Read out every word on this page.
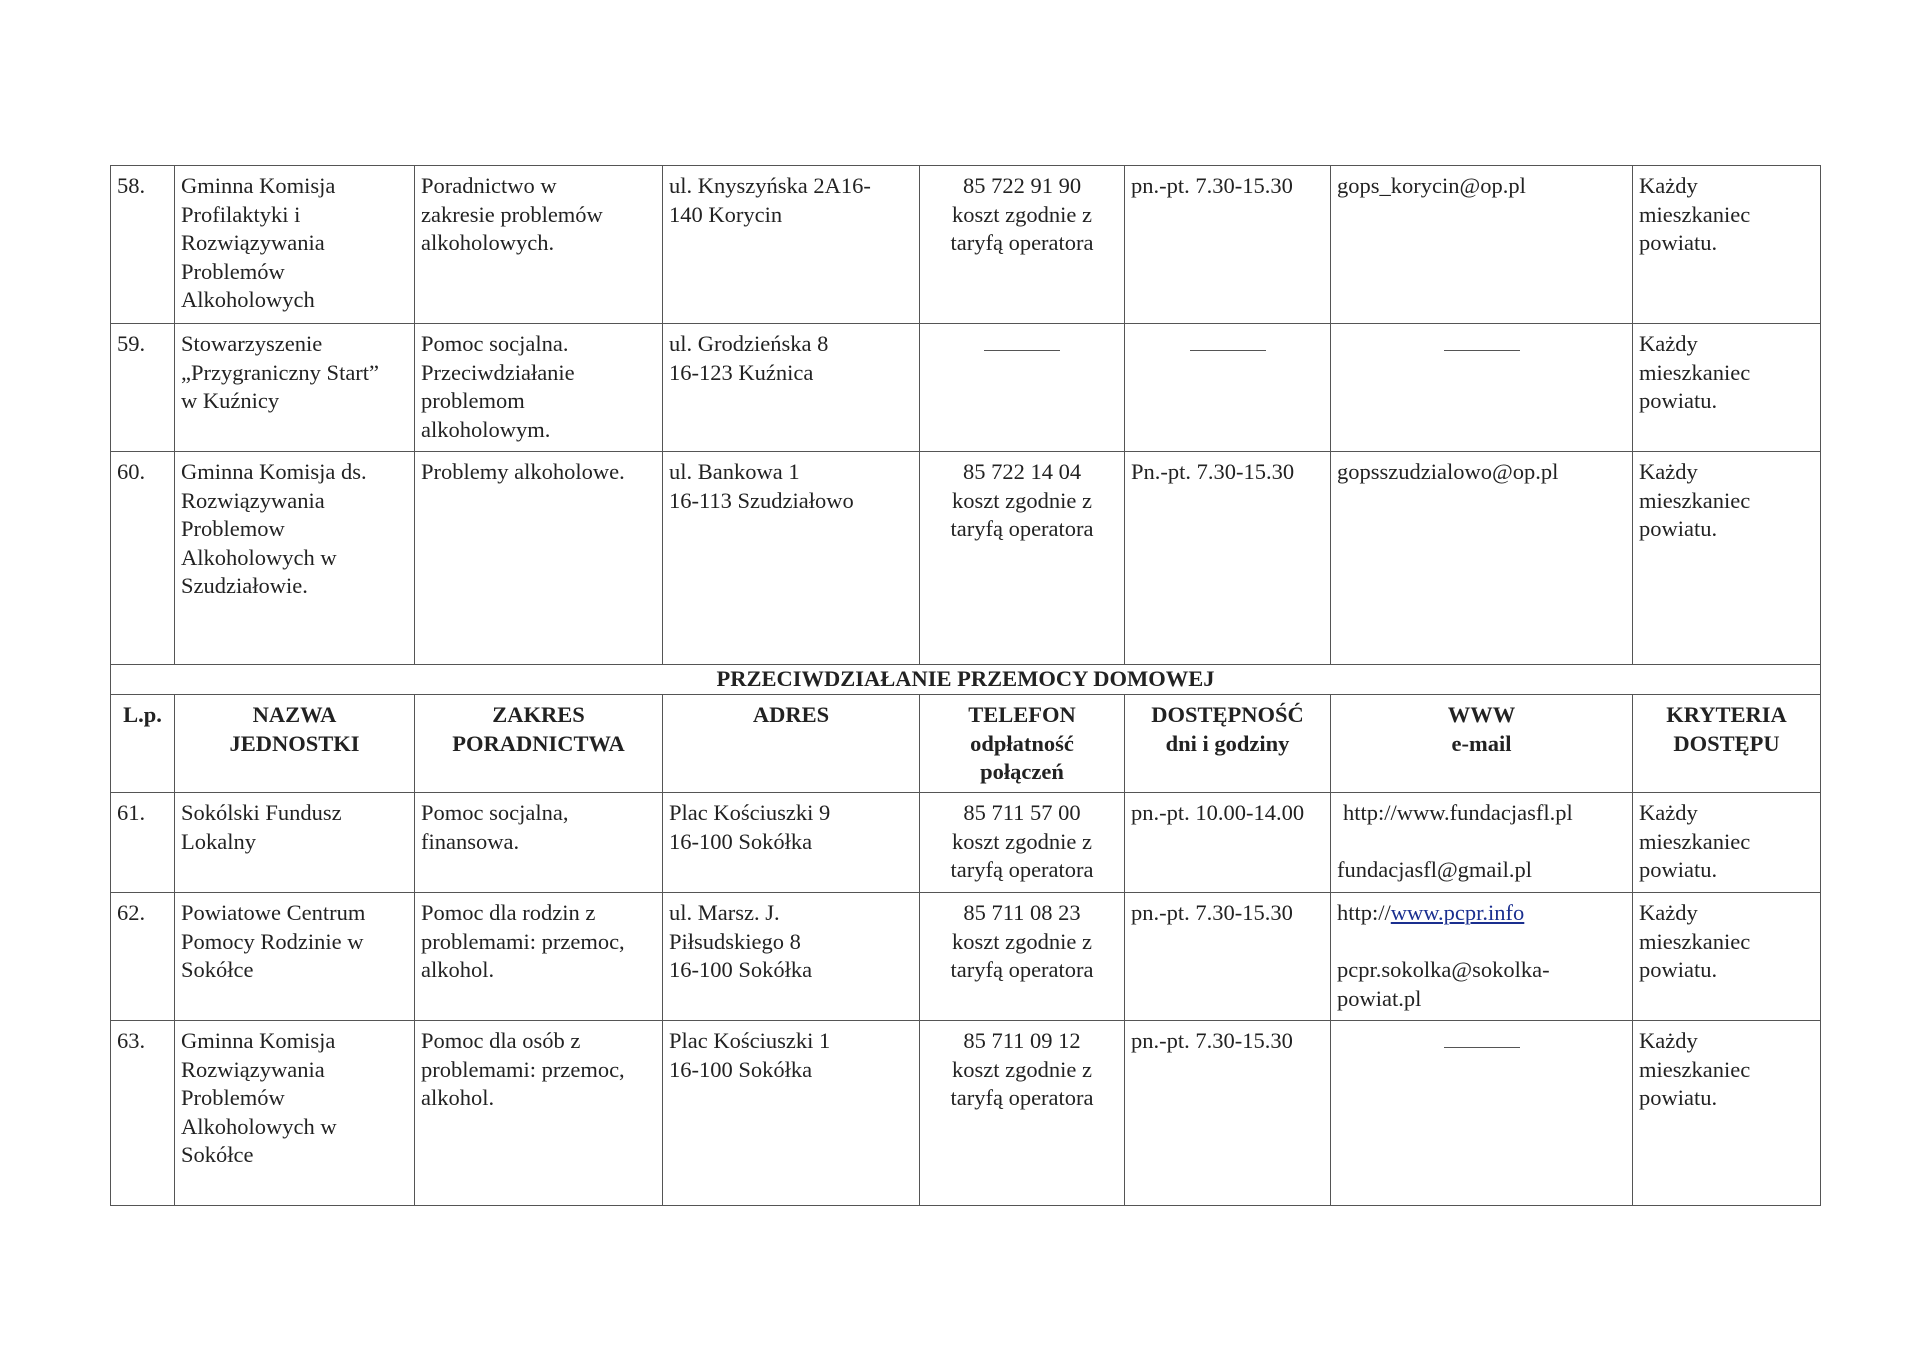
58.	Gminna Komisja
Profilaktyki i
Rozwiązywania
Problemów
Alkoholowych	Poradnictwo w
zakresie problemów
alkoholowych.	ul. Knyszyńska 2A16-
140 Korycin	85 722 91 90
koszt zgodnie z
taryfą operatora	pn.-pt. 7.30-15.30	gops_korycin@op.pl	Każdy
mieszkaniec
powiatu.

59.	Stowarzyszenie
„Przygraniczny Start”
w Kuźnicy	Pomoc socjalna.
Przeciwdziałanie
problemom
alkoholowym.	ul. Grodzieńska 8
16-123 Kuźnica				Każdy
mieszkaniec
powiatu.

60.	Gminna Komisja ds.
Rozwiązywania
Problemow
Alkoholowych w
Szudziałowie.	Problemy alkoholowe.	ul. Bankowa 1
16-113 Szudziałowo	85 722 14 04
koszt zgodnie z
taryfą operatora	Pn.-pt. 7.30-15.30	gopsszudzialowo@op.pl	Każdy
mieszkaniec
powiatu.

PRZECIWDZIAŁANIE PRZEMOCY DOMOWEJ							
L.p.	NAZWA
JEDNOSTKI	ZAKRES
PORADNICTWA	ADRES	TELEFON
odpłatność
połączeń	DOSTĘPNOŚĆ
dni i godziny	WWW
e-mail	KRYTERIA
DOSTĘPU

61.	Sokólski Fundusz
Lokalny	Pomoc socjalna,
finansowa.	Plac Kościuszki 9
16-100 Sokółka	85 711 57 00
koszt zgodnie z
taryfą operatora	pn.-pt. 10.00-14.00	http://www.fundacjasfl.pl
fundacjasfl@gmail.pl	Każdy
mieszkaniec
powiatu.

62.	Powiatowe Centrum
Pomocy Rodzinie w
Sokółce	Pomoc dla rodzin z
problemami: przemoc,
alkohol.	ul. Marsz. J.
Piłsudskiego 8
16-100 Sokółka	85 711 08 23
koszt zgodnie z
taryfą operatora	pn.-pt. 7.30-15.30	http://www.pcpr.info
pcpr.sokolka@sokolka-
powiat.pl	Każdy
mieszkaniec
powiatu.

63.	Gminna Komisja
Rozwiązywania
Problemów
Alkoholowych w
Sokółce	Pomoc dla osób z
problemami: przemoc,
alkohol.	Plac Kościuszki 1
16-100 Sokółka	85 711 09 12
koszt zgodnie z
taryfą operatora	pn.-pt. 7.30-15.30		Każdy
mieszkaniec
powiatu.
